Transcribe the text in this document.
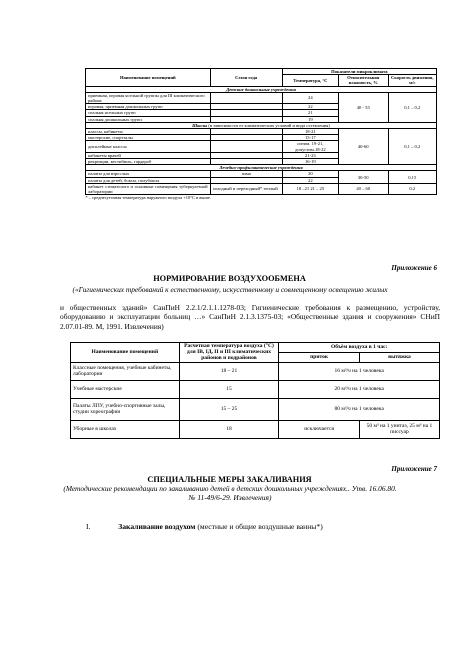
Наименование помещений	Сезон года	Показатели микроклимата		
		Температура, °С	Относительная влажность, %	Скорость движения, м/с
Детские дошкольные учреждения				
приемная, игровая ясельной группы для III климатического района		24	40 - 55	0,1 – 0,2
игровая, приемная дошкольных групп		22		
спальня ясельных групп		21		
спальня дошкольных групп		19		
Школы (в зависимости от климатических условий и вида остекления)				
классы, кабинеты		18-21	40-60	0,1 – 0,2
мастерские, спортзалы		15-17		
дисплейные классы		оптим. 19-21, допустим.18-22		
кабинеты врачей		21-23		
рекреации, вестибюль, гардероб		16-19		
Лечебно-профилактические учреждения				
палаты для взрослых	зима	20	30-50	0,15
палаты для детей, боксы, полубоксы		22		
кабинет стоматолога и основные помещения туберкулезной лаборатории	холодный и переходный* теплый	18 –21 21 – 25	40 – 60	0,2
* – среднесуточная температура наружного воздуха +10°С и выше.				
Приложение 6
НОРМИРОВАНИЕ ВОЗДУХООБМЕНА
(«Гигиенических требований к естественному, искусственному и совмещенному освещению жилых
и общественных зданий» СанПиН 2.2.1/2.1.1.1278-03; Гигиенические требования к размещению, устройству, оборудованию и эксплуатации больниц …» СанПиН 2.1.3.1375-03; «Общественные здания и сооружения» СНиП 2.07.01-89. М, 1991. Извлечения)
Наименование помещений	Расчетная температура воздуха (°С) для IВ, IД, II и III климатических районов и подрайонов	Объём воздуха в 1 час:	
		приток	вытяжка
Классные помещения, учебные кабинеты, лаборатории	18 – 21	16 м³/ч на 1 человека	
Учебные мастерские	15	20 м³/ч на 1 человека	
Палаты ЛПУ, учебно-спортивные залы, студии хореографии	15 – 25	80 м³/ч на 1 человека	
Уборные в школах	18	исключается	50 м³ на 1 унитаз, 25 м³ на 1 писсуар
Приложение 7
СПЕЦИАЛЬНЫЕ МЕРЫ ЗАКАЛИВАНИЯ
(Методические рекомендации по закаливанию детей в детских дошкольных учреждениях.. Утв. 16.06.80. № 11-49/6-29. Извлечения)
I.	Закаливание воздухом (местные и общие воздушные ванны*)
